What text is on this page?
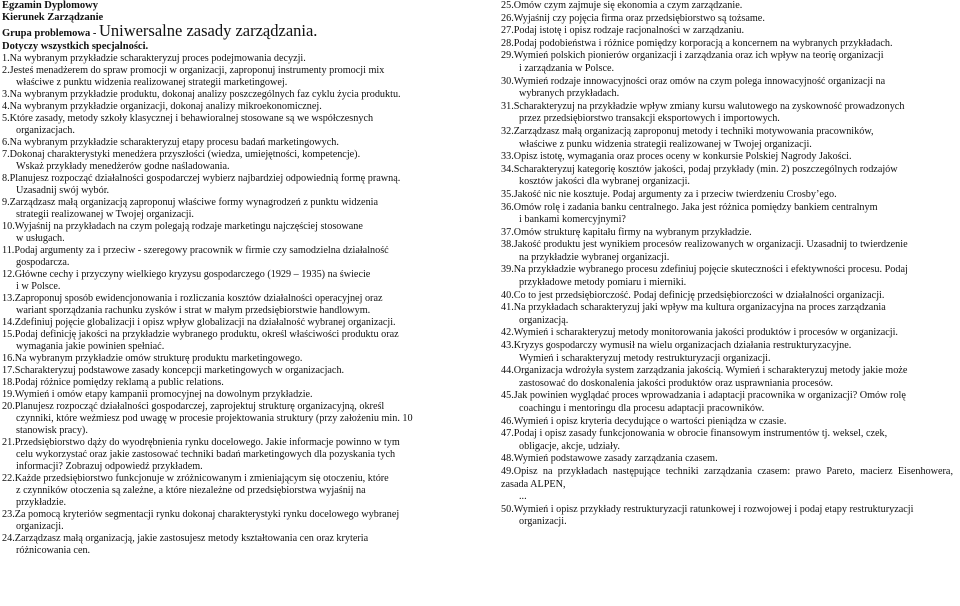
Egzamin Dyplomowy
Kierunek Zarządzanie
Grupa problemowa - Uniwersalne zasady zarządzania.
Dotyczy wszystkich specjalności.
1.Na wybranym przykładzie scharakteryzuj proces podejmowania decyzji.
2.Jesteś menadżerem do spraw promocji w organizacji, zaproponuj instrumenty promocji mix
właściwe z punktu widzenia realizowanej strategii marketingowej.
3.Na wybranym przykładzie produktu, dokonaj analizy poszczególnych faz cyklu życia produktu.
4.Na wybranym przykładzie organizacji, dokonaj analizy mikroekonomicznej.
5.Które zasady, metody szkoły klasycznej i behawioralnej stosowane są we współczesnych
organizacjach.
6.Na wybranym przykładzie scharakteryzuj etapy procesu badań marketingowych.
7.Dokonaj charakterystyki menedżera przyszłości (wiedza, umiejętności, kompetencje).
Wskaż przykłady menedżerów godne naśladowania.
8.Planujesz rozpocząć działalności gospodarczej wybierz najbardziej odpowiednią formę prawną.
Uzasadnij swój wybór.
9.Zarządzasz małą organizacją zaproponuj właściwe formy wynagrodzeń z punktu widzenia
strategii realizowanej w Twojej organizacji.
10.Wyjaśnij na przykładach na czym polegają rodzaje marketingu najczęściej stosowane
w usługach.
11.Podaj argumenty za i przeciw - szeregowy pracownik w firmie czy samodzielna działalność
gospodarcza.
12.Główne cechy i przyczyny wielkiego kryzysu gospodarczego (1929 – 1935) na świecie
i w Polsce.
13.Zaproponuj sposób ewidencjonowania i rozliczania kosztów działalności operacyjnej oraz
wariant sporządzania rachunku zysków i strat w małym przedsiębiorstwie handlowym.
14.Zdefiniuj pojęcie globalizacji i opisz wpływ globalizacji na działalność wybranej organizacji.
15.Podaj definicję jakości na przykładzie wybranego produktu, określ właściwości produktu oraz
wymagania jakie powinien spełniać.
16.Na wybranym przykładzie omów strukturę produktu marketingowego.
17.Scharakteryzuj podstawowe zasady koncepcji marketingowych w organizacjach.
18.Podaj różnice pomiędzy reklamą a public relations.
19.Wymień i omów etapy kampanii promocyjnej na dowolnym przykładzie.
20.Planujesz rozpocząć działalności gospodarczej, zaprojektuj strukturę organizacyjną, określ
czynniki, które weźmiesz pod uwagę w procesie projektowania struktury (przy założeniu min. 10
stanowisk pracy).
21.Przedsiębiorstwo dąży do wyodrębnienia rynku docelowego. Jakie informacje powinno w tym
celu wykorzystać oraz jakie zastosować techniki badań marketingowych dla pozyskania tych
informacji? Zobrazuj odpowiedź przykładem.
22.Każde przedsiębiorstwo funkcjonuje w zróżnicowanym i zmieniającym się otoczeniu, które
z czynników otoczenia są zależne, a które niezależne od przedsiębiorstwa wyjaśnij na
przykładzie.
23.Za pomocą kryteriów segmentacji rynku dokonaj charakterystyki rynku docelowego wybranej
organizacji.
24.Zarządzasz małą organizacją, jakie zastosujesz metody kształtowania cen oraz kryteria
różnicowania cen.
25.Omów czym zajmuje się ekonomia a czym zarządzanie.
26.Wyjaśnij czy pojęcia firma oraz przedsiębiorstwo są tożsame.
27.Podaj istotę i opisz rodzaje racjonalności w zarządzaniu.
28.Podaj podobieństwa i różnice pomiędzy korporacją a koncernem na wybranych przykładach.
29.Wymień polskich pionierów organizacji i zarządzania oraz ich wpływ na teorię organizacji
i zarządzania w Polsce.
30.Wymień rodzaje innowacyjności oraz omów na czym polega innowacyjność organizacji na
wybranych przykładach.
31.Scharakteryzuj na przykładzie wpływ zmiany kursu walutowego na zyskowność prowadzonych
przez przedsiębiorstwo transakcji eksportowych i importowych.
32.Zarządzasz małą organizacją zaproponuj metody i techniki motywowania pracowników,
właściwe z punku widzenia strategii realizowanej w Twojej organizacji.
33.Opisz istotę, wymagania oraz proces oceny w konkursie Polskiej Nagrody Jakości.
34.Scharakteryzuj kategorię kosztów jakości, podaj przykłady (min. 2) poszczególnych rodzajów
kosztów jakości dla wybranej organizacji.
35.Jakość nic nie kosztuje. Podaj argumenty za i przeciw twierdzeniu Crosby’ego.
36.Omów rolę i zadania banku centralnego. Jaka jest różnica pomiędzy bankiem centralnym
i bankami komercyjnymi?
37.Omów strukturę kapitału firmy na wybranym przykładzie.
38.Jakość produktu jest wynikiem procesów realizowanych w organizacji. Uzasadnij to twierdzenie
na przykładzie wybranej organizacji.
39.Na przykładzie wybranego procesu zdefiniuj pojęcie skuteczności i efektywności procesu. Podaj
przykładowe metody pomiaru i mierniki.
40.Co to jest przedsiębiorczość. Podaj definicję przedsiębiorczości w działalności organizacji.
41.Na przykładach scharakteryzuj jaki wpływ ma kultura organizacyjna na proces zarządzania
organizacją.
42.Wymień i scharakteryzuj metody monitorowania jakości produktów i procesów w organizacji.
43.Kryzys gospodarczy wymusił na wielu organizacjach działania restrukturyzacyjne.
Wymień i scharakteryzuj metody restrukturyzacji organizacji.
44.Organizacja wdrożyła system zarządzania jakością. Wymień i scharakteryzuj metody jakie może
zastosować do doskonalenia jakości produktów oraz usprawniania procesów.
45.Jak powinien wyglądać proces wprowadzania i adaptacji pracownika w organizacji? Omów rolę
coachingu i mentoringu dla procesu adaptacji pracowników.
46.Wymień i opisz kryteria decydujące o wartości pieniądza w czasie.
47.Podaj i opisz zasady funkcjonowania w obrocie finansowym instrumentów tj. weksel, czek,
obligacje, akcje, udziały.
48.Wymień podstawowe zasady zarządzania czasem.
49.Opisz na przykładach następujące techniki zarządzania czasem: prawo Pareto, macierz Eisenhowera, zasada ALPEN,
...
50.Wymień i opisz przykłady restrukturyzacji ratunkowej i rozwojowej i podaj etapy restrukturyzacji
organizacji.
